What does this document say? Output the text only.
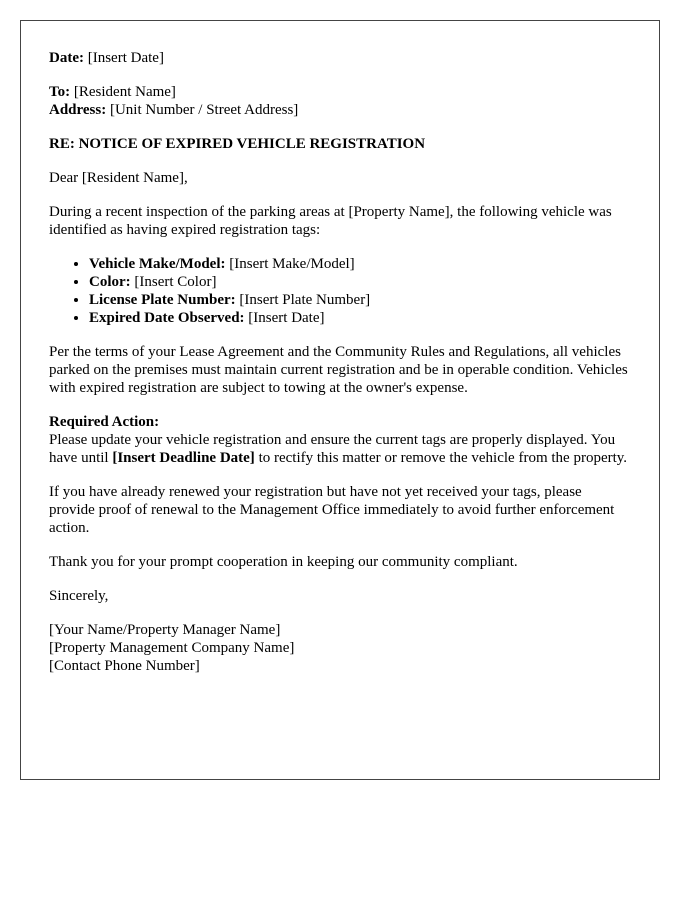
Date: [Insert Date]

To: [Resident Name]
Address: [Unit Number / Street Address]

RE: NOTICE OF EXPIRED VEHICLE REGISTRATION

Dear [Resident Name],

During a recent inspection of the parking areas at [Property Name], the following vehicle was identified as having expired registration tags:

• Vehicle Make/Model: [Insert Make/Model]
• Color: [Insert Color]
• License Plate Number: [Insert Plate Number]
• Expired Date Observed: [Insert Date]

Per the terms of your Lease Agreement and the Community Rules and Regulations, all vehicles parked on the premises must maintain current registration and be in operable condition. Vehicles with expired registration are subject to towing at the owner's expense.

Required Action:
Please update your vehicle registration and ensure the current tags are properly displayed. You have until [Insert Deadline Date] to rectify this matter or remove the vehicle from the property.

If you have already renewed your registration but have not yet received your tags, please provide proof of renewal to the Management Office immediately to avoid further enforcement action.

Thank you for your prompt cooperation in keeping our community compliant.

Sincerely,

[Your Name/Property Manager Name]
[Property Management Company Name]
[Contact Phone Number]
